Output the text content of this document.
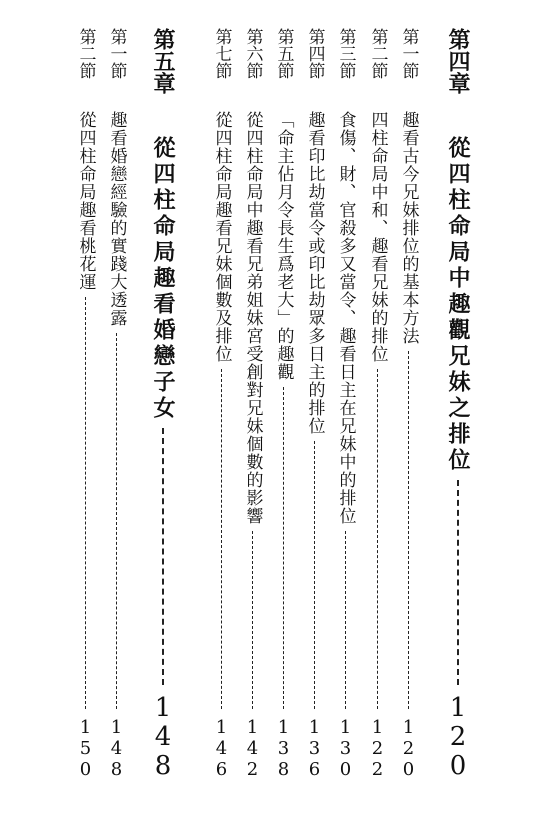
第四章
從四柱命局中趣觀兄妹之排位
120
第一節
趣看古今兄妹排位的基本方法
120
第二節
四柱命局中和、趣看兄妹的排位
122
第三節
食傷、財、官殺多又當令、趣看日主在兄妹中的排位
130
第四節
趣看印比劫當令或印比劫眾多日主的排位
136
第五節
「命主佔月令長生爲老大」的趣觀
138
第六節
從四柱命局中趣看兄弟姐妹宮受創對兄妹個數的影響
142
第七節
從四柱命局趣看兄妹個數及排位
146
第五章
從四柱命局趣看婚戀子女
148
第一節
趣看婚戀經驗的實踐大透露
148
第二節
從四柱命局趣看桃花運
150
